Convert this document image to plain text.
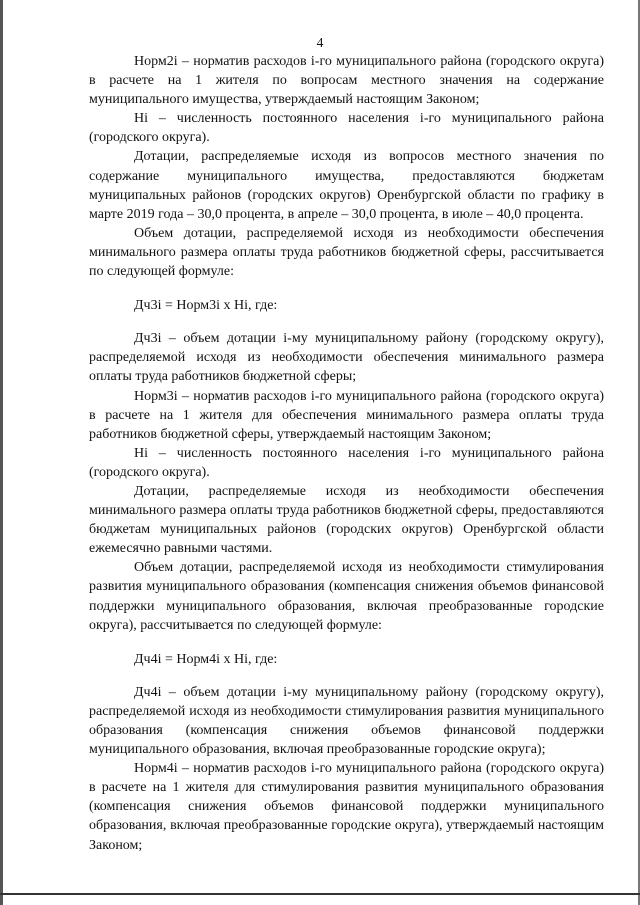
4

Норм2i – норматив расходов i-го муниципального района (городского округа) в расчете на 1 жителя по вопросам местного значения на содержание муниципального имущества, утверждаемый настоящим Законом;

Нi – численность постоянного населения i-го муниципального района (городского округа).

Дотации, распределяемые исходя из вопросов местного значения по содержание муниципального имущества, предоставляются бюджетам муниципальных районов (городских округов) Оренбургской области по графику в марте 2019 года – 30,0 процента, в апреле – 30,0 процента, в июле – 40,0 процента.

Объем дотации, распределяемой исходя из необходимости обеспечения минимального размера оплаты труда работников бюджетной сферы, рассчитывается по следующей формуле:

Дч3i = Норм3i x Нi, где:

Дч3i – объем дотации i-му муниципальному району (городскому округу), распределяемой исходя из необходимости обеспечения минимального размера оплаты труда работников бюджетной сферы;

Норм3i – норматив расходов i-го муниципального района (городского округа) в расчете на 1 жителя для обеспечения минимального размера оплаты труда работников бюджетной сферы, утверждаемый настоящим Законом;

Нi – численность постоянного населения i-го муниципального района (городского округа).

Дотации, распределяемые исходя из необходимости обеспечения минимального размера оплаты труда работников бюджетной сферы, предоставляются бюджетам муниципальных районов (городских округов) Оренбургской области ежемесячно равными частями.

Объем дотации, распределяемой исходя из необходимости стимулирования развития муниципального образования (компенсация снижения объемов финансовой поддержки муниципального образования, включая преобразованные городские округа), рассчитывается по следующей формуле:

Дч4i = Норм4i x Нi, где:

Дч4i – объем дотации i-му муниципальному району (городскому округу), распределяемой исходя из необходимости стимулирования развития муниципального образования (компенсация снижения объемов финансовой поддержки муниципального образования, включая преобразованные городские округа);

Норм4i – норматив расходов i-го муниципального района (городского округа) в расчете на 1 жителя для стимулирования развития муниципального образования (компенсация снижения объемов финансовой поддержки муниципального образования, включая преобразованные городские округа), утверждаемый настоящим Законом;
